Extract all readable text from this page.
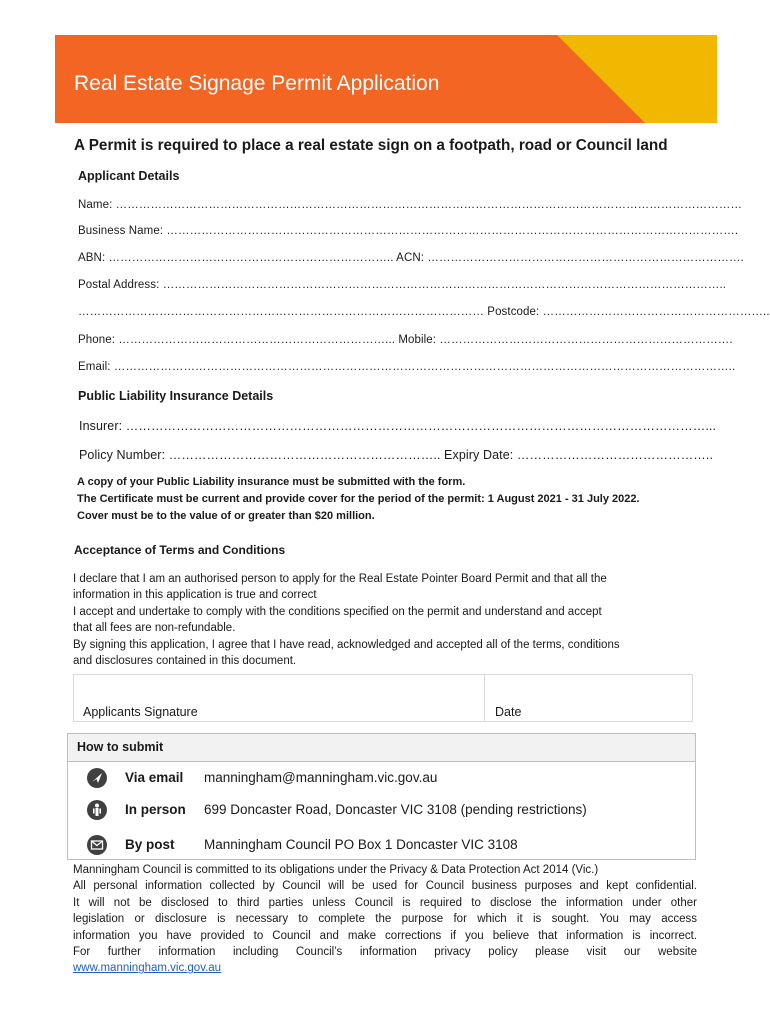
Real Estate Signage Permit Application
A Permit is required to place a real estate sign on a footpath, road or Council land
Applicant Details
Name: ………………………………………………………………………………………………………………………………………………
Business Name: ………………………………………………………………………………………………………………………………….
ABN: ……………………………………………………………….. ACN: ……………………………………………………………………….
Postal Address: ………………………………………………………………………………………………………………………………..
…………………………………………………………………………………………… Postcode: …………………………………………………..
Phone: ……………………………………………………………... Mobile: ………………………………………………………………….
Email: ……………………………………………………………………………………………………………………………………………..
Public Liability Insurance Details
Insurer: …………………………………………………………………………………………………………………………...
Policy Number: ……………………………………………………….. Expiry Date: ………………………………………..
A copy of your Public Liability insurance must be submitted with the form.
The Certificate must be current and provide cover for the period of the permit: 1 August 2021 - 31 July 2022.
Cover must be to the value of or greater than $20 million.
Acceptance of Terms and Conditions
I declare that I am an authorised person to apply for the Real Estate Pointer Board Permit and that all the
information in this application is true and correct
I accept and undertake to comply with the conditions specified on the permit and understand and accept
that all fees are non-refundable.
By signing this application, I agree that I have read, acknowledged and accepted all of the terms, conditions
and disclosures contained in this document.
Applicants Signature	Date
How to submit
Via email manningham@manningham.vic.gov.au
In person 699 Doncaster Road, Doncaster VIC 3108 (pending restrictions)
By post Manningham Council PO Box 1 Doncaster VIC 3108
Manningham Council is committed to its obligations under the Privacy & Data Protection Act 2014 (Vic.)
All personal information collected by Council will be used for Council business purposes and kept confidential.
It will not be disclosed to third parties unless Council is required to disclose the information under other
legislation or disclosure is necessary to complete the purpose for which it is sought. You may access
information you have provided to Council and make corrections if you believe that information is incorrect.
For further information including Council’s information privacy policy please visit our website
www.manningham.vic.gov.au
